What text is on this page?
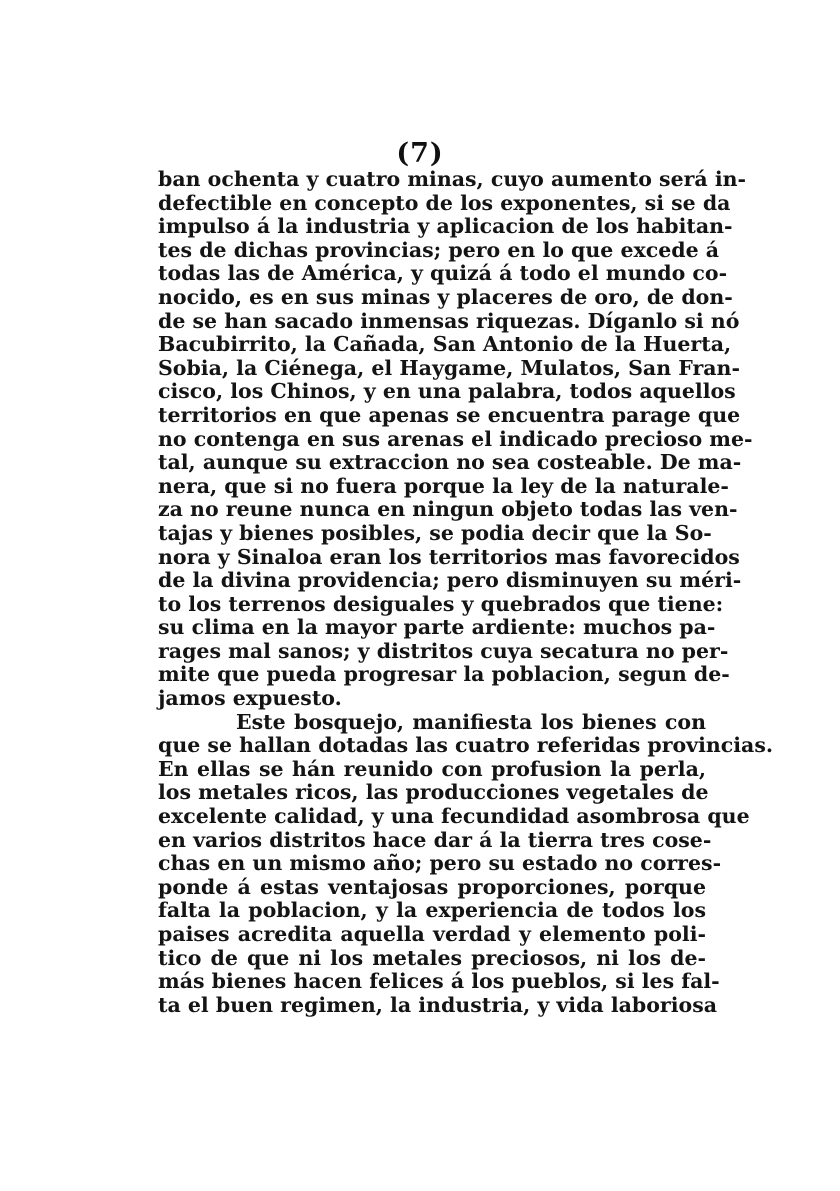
(7)
ban ochenta y cuatro minas, cuyo aumento será in-
defectible en concepto de los exponentes, si se da
impulso á la industria y aplicacion de los habitan-
tes de dichas provincias; pero en lo que excede á
todas las de América, y quizá á todo el mundo co-
nocido, es en sus minas y placeres de oro, de don-
de se han sacado inmensas riquezas. Díganlo si nó
Bacubirrito, la Cañada, San Antonio de la Huerta,
Sobia, la Ciénega, el Haygame, Mulatos, San Fran-
cisco, los Chinos, y en una palabra, todos aquellos
territorios en que apenas se encuentra parage que
no contenga en sus arenas el indicado precioso me-
tal, aunque su extraccion no sea costeable. De ma-
nera, que si no fuera porque la ley de la naturale-
za no reune nunca en ningun objeto todas las ven-
tajas y bienes posibles, se podia decir que la So-
nora y Sinaloa eran los territorios mas favorecidos
de la divina providencia; pero disminuyen su méri-
to los terrenos desiguales y quebrados que tiene:
su clima en la mayor parte ardiente: muchos pa-
rages mal sanos; y distritos cuya secatura no per-
mite que pueda progresar la poblacion, segun de-
jamos expuesto.
Este bosquejo, manifiesta los bienes con
que se hallan dotadas las cuatro referidas provincias.
En ellas se hán reunido con profusion la perla,
los metales ricos, las producciones vegetales de
excelente calidad, y una fecundidad asombrosa que
en varios distritos hace dar á la tierra tres cose-
chas en un mismo año; pero su estado no corres-
ponde á estas ventajosas proporciones, porque
falta la poblacion, y la experiencia de todos los
paises acredita aquella verdad y elemento poli-
tico de que ni los metales preciosos, ni los de-
más bienes hacen felices á los pueblos, si les fal-
ta el buen regimen, la industria, y vida laboriosa
